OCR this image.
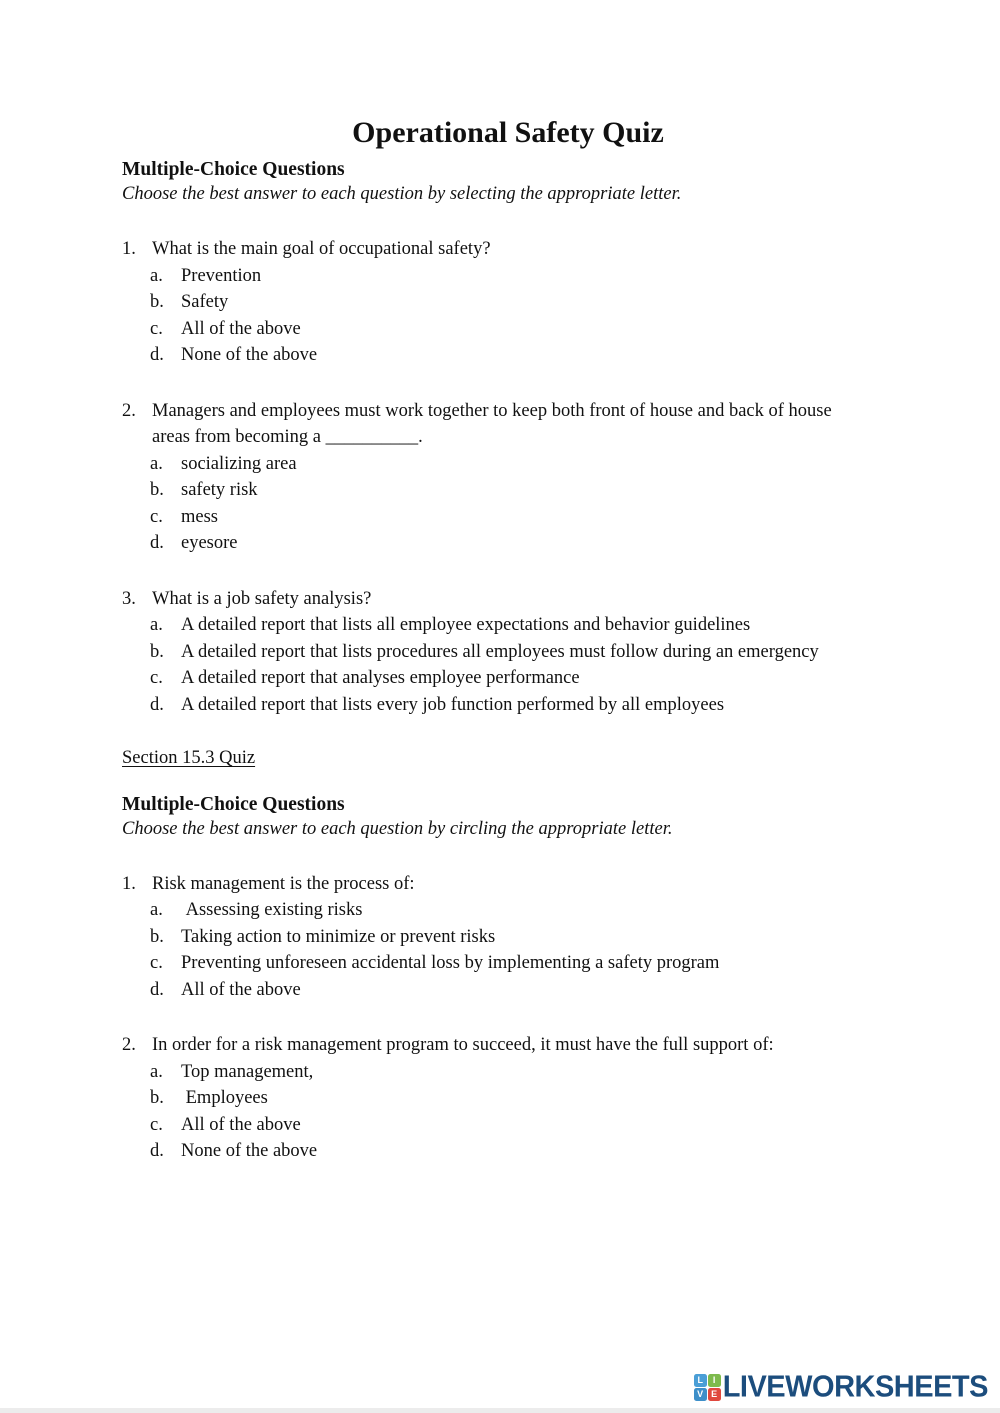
Operational Safety Quiz
Multiple-Choice Questions
Choose the best answer to each question by selecting the appropriate letter.
1. What is the main goal of occupational safety?
a. Prevention
b. Safety
c. All of the above
d. None of the above
2. Managers and employees must work together to keep both front of house and back of house areas from becoming a __________.
a. socializing area
b. safety risk
c. mess
d. eyesore
3. What is a job safety analysis?
a. A detailed report that lists all employee expectations and behavior guidelines
b. A detailed report that lists procedures all employees must follow during an emergency
c. A detailed report that analyses employee performance
d. A detailed report that lists every job function performed by all employees
Section 15.3 Quiz
Multiple-Choice Questions
Choose the best answer to each question by circling the appropriate letter.
1. Risk management is the process of:
a. Assessing existing risks
b. Taking action to minimize or prevent risks
c. Preventing unforeseen accidental loss by implementing a safety program
d. All of the above
2. In order for a risk management program to succeed, it must have the full support of:
a. Top management,
b. Employees
c. All of the above
d. None of the above
L	I
V E LIVEWORKSHEETS
